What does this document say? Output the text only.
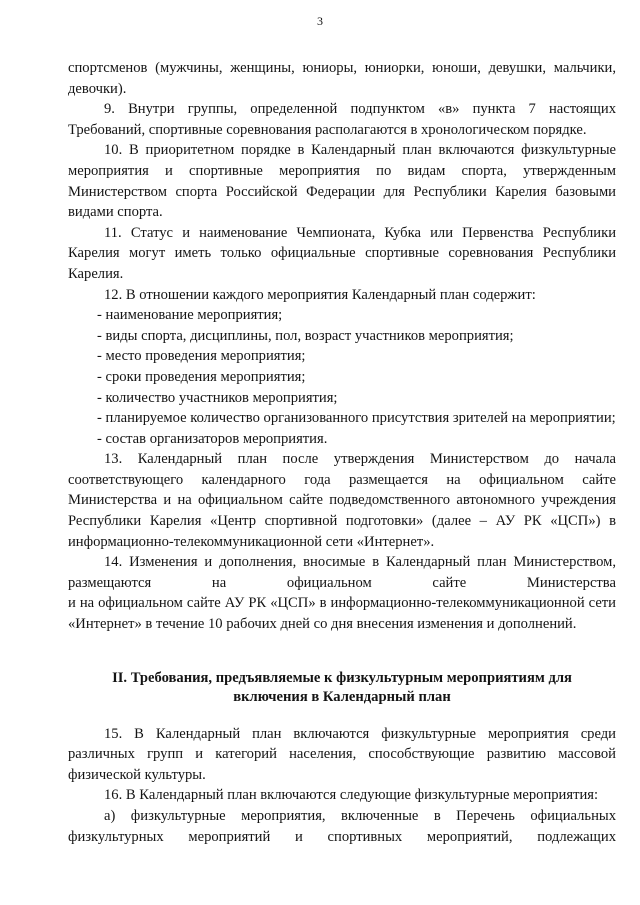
3

спортсменов (мужчины, женщины, юниоры, юниорки, юноши, девушки, мальчики, девочки).

9. Внутри группы, определенной подпунктом «в» пункта 7 настоящих Требований, спортивные соревнования располагаются в хронологическом порядке.

10. В приоритетном порядке в Календарный план включаются физкультурные мероприятия и спортивные мероприятия по видам спорта, утвержденным Министерством спорта Российской Федерации для Республики Карелия базовыми видами спорта.

11. Статус и наименование Чемпионата, Кубка или Первенства Республики Карелия могут иметь только официальные спортивные соревнования Республики Карелия.

12. В отношении каждого мероприятия Календарный план содержит:

- наименование мероприятия;

- виды спорта, дисциплины, пол, возраст участников мероприятия;

- место проведения мероприятия;

- сроки проведения мероприятия;

- количество участников мероприятия;

- планируемое количество организованного присутствия зрителей на мероприятии;

- состав организаторов мероприятия.

13. Календарный план после утверждения Министерством до начала соответствующего календарного года размещается на официальном сайте Министерства и на официальном сайте подведомственного автономного учреждения Республики Карелия «Центр спортивной подготовки» (далее – АУ РК «ЦСП») в информационно-телекоммуникационной сети «Интернет».

14. Изменения и дополнения, вносимые в Календарный план Министерством, размещаются на официальном сайте Министерства

и на официальном сайте АУ РК «ЦСП» в информационно-телекоммуникационной сети «Интернет» в течение 10 рабочих дней со дня внесения изменения и дополнений.

II. Требования, предъявляемые к физкультурным мероприятиям для
включения в Календарный план

15. В Календарный план включаются физкультурные мероприятия среди различных групп и категорий населения, способствующие развитию массовой физической культуры.

16. В Календарный план включаются следующие физкультурные мероприятия:

а) физкультурные мероприятия, включенные в Перечень официальных физкультурных мероприятий и спортивных мероприятий, подлежащих
